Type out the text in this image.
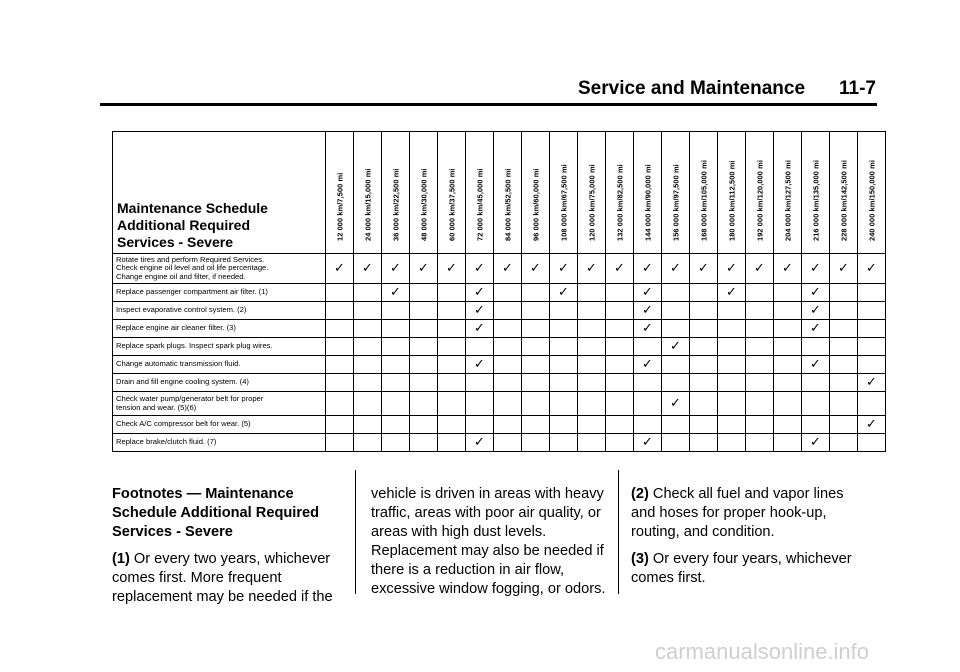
Service and Maintenance 11-7
Maintenance Schedule
Additional Required
Services - Severe	12 000 km/7,500 mi	24 000 km/15,000 mi	36 000 km/22,500 mi	48 000 km/30,000 mi	60 000 km/37,500 mi	72 000 km/45,000 mi	84 000 km/52,500 mi	96 000 km/60,000 mi	108 000 km/67,500 mi	120 000 km/75,000 mi	132 000 km/82,500 mi	144 000 km/90,000 mi	156 000 km/97,500 mi	168 000 km/105,000 mi	180 000 km/112,500 mi	192 000 km/120,000 mi	204 000 km/127,500 mi	216 000 km/135,000 mi	228 000 km/142,500 mi	240 000 km/150,000 mi

Rotate tires and perform Required Services.
Check engine oil level and oil life percentage.
Change engine oil and filter, if needed.	✓	✓	✓	✓	✓	✓	✓	✓	✓	✓	✓	✓	✓	✓	✓	✓	✓	✓	✓	✓

Replace passenger compartment air filter. (1)			✓			✓			✓			✓			✓			✓		

Inspect evaporative control system. (2)						✓						✓						✓		

Replace engine air cleaner filter. (3)						✓						✓						✓		

Replace spark plugs. Inspect spark plug wires.													✓							

Change automatic transmission fluid.						✓						✓						✓		

Drain and fill engine cooling system. (4)																				✓

Check water pump/generator belt for proper
tension and wear. (5)(6)													✓							

Check A/C compressor belt for wear. (5)																				✓

Replace brake/clutch fluid. (7)						✓						✓						✓		
Footnotes — Maintenance
Schedule Additional Required
Services - Severe

(1) Or every two years, whichever comes first. More frequent replacement may be needed if the

vehicle is driven in areas with heavy traffic, areas with poor air quality, or areas with high dust levels. Replacement may also be needed if there is a reduction in air flow, excessive window fogging, or odors.

(2) Check all fuel and vapor lines and hoses for proper hook-up, routing, and condition.

(3) Or every four years, whichever comes first.

carmanualsonline.info
